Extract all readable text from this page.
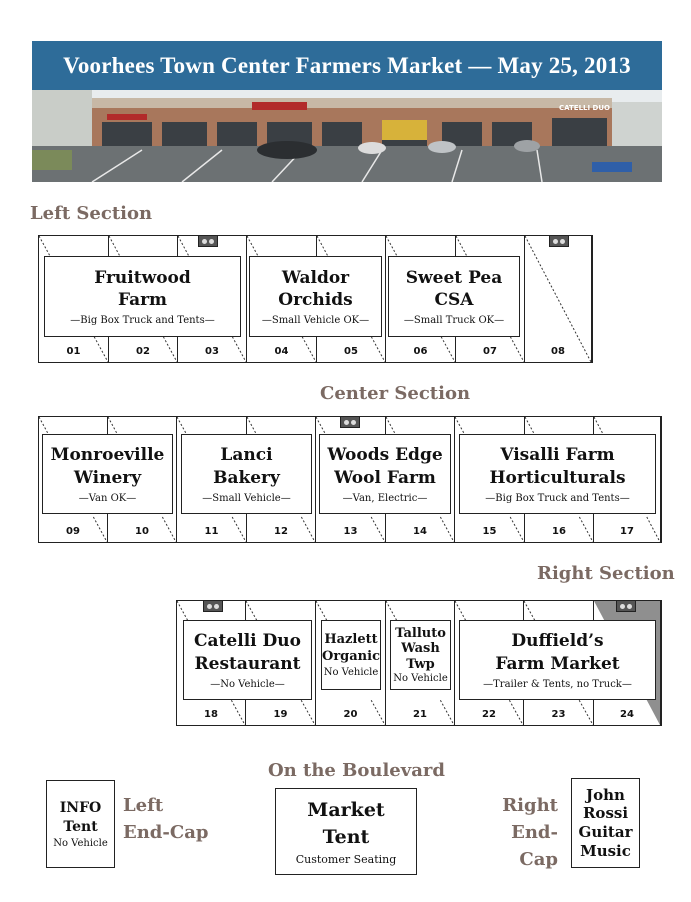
Voorhees Town Center Farmers Market — May 25, 2013
CATELLI DUO
Left Section
01	02	03	04	05	06	07	08
Fruitwood
Farm
—Big Box Truck and Tents—
Waldor
Orchids
—Small Vehicle OK—
Sweet Pea
CSA
—Small Truck OK—
Center Section
09	10	11	12	13	14	15	16	17
Monroeville
Winery
—Van OK—
Lanci
Bakery
—Small Vehicle—
Woods Edge
Wool Farm
—Van, Electric—
Visalli Farm
Horticulturals
—Big Box Truck and Tents—
Right Section
18	19	20	21	22	23	24
Catelli Duo
Restaurant
—No Vehicle—
Hazlett
Organic
No Vehicle
Talluto
Wash
Twp
No Vehicle
Duffield’s
Farm Market
—Trailer & Tents, no Truck—
On the Boulevard
INFO
Tent
No Vehicle
Left
End-Cap
Market
Tent
Customer Seating
Right
End-Cap
John
Rossi
Guitar
Music
